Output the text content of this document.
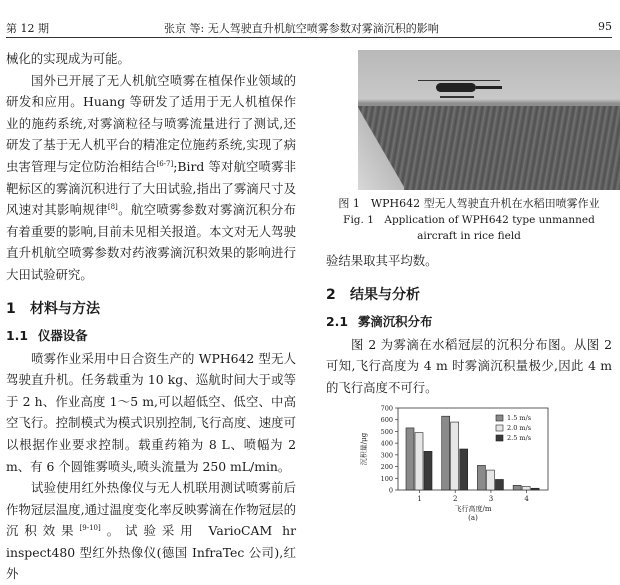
第 12 期	张京 等: 无人驾驶直升机航空喷雾参数对雾滴沉积的影响	95

械化的实现成为可能。

国外已开展了无人机航空喷雾在植保作业领域的研发和应用。Huang 等研发了适用于无人机植保作业的施药系统,对雾滴粒径与喷雾流量进行了测试,还研发了基于无人机平台的精准定位施药系统,实现了病虫害管理与定位防治相结合[6-7];Bird 等对航空喷雾非靶标区的雾滴沉积进行了大田试验,指出了雾滴尺寸及风速对其影响规律[8]。航空喷雾参数对雾滴沉积分布有着重要的影响,目前未见相关报道。本文对无人驾驶直升机航空喷雾参数对药液雾滴沉积效果的影响进行大田试验研究。

1 材料与方法
1.1 仪器设备

喷雾作业采用中日合资生产的 WPH642 型无人驾驶直升机。任务载重为 10 kg、巡航时间大于或等于 2 h、作业高度 1～5 m,可以超低空、低空、中高空飞行。控制模式为模式识别控制,飞行高度、速度可以根据作业要求控制。载重药箱为 8 L、喷幅为 2 m、有 6 个圆锥雾喷头,喷头流量为 250 mL/min。

试验使用红外热像仪与无人机联用测试喷雾前后作物冠层温度,通过温度变化率反映雾滴在作物冠层的沉积效果[9-10]。试验采用 VarioCAM hr inspect480 型红外热像仪(德国 InfraTec 公司),红外

图 1　WPH642 型无人驾驶直升机在水稻田喷雾作业
Fig. 1　Application of WPH642 type unmanned
aircraft in rice field

验结果取其平均数。

2 结果与分析
2.1 雾滴沉积分布

图 2 为雾滴在水稻冠层的沉积分布图。从图 2 可知,飞行高度为 4 m 时雾滴沉积量极少,因此 4 m 的飞行高度不可行。

0
100
200
300
400
500
600
700
沉积量/μg
1	2	3	4
飞行高度/m
(a)
1.5 m/s
2.0 m/s
2.5 m/s
